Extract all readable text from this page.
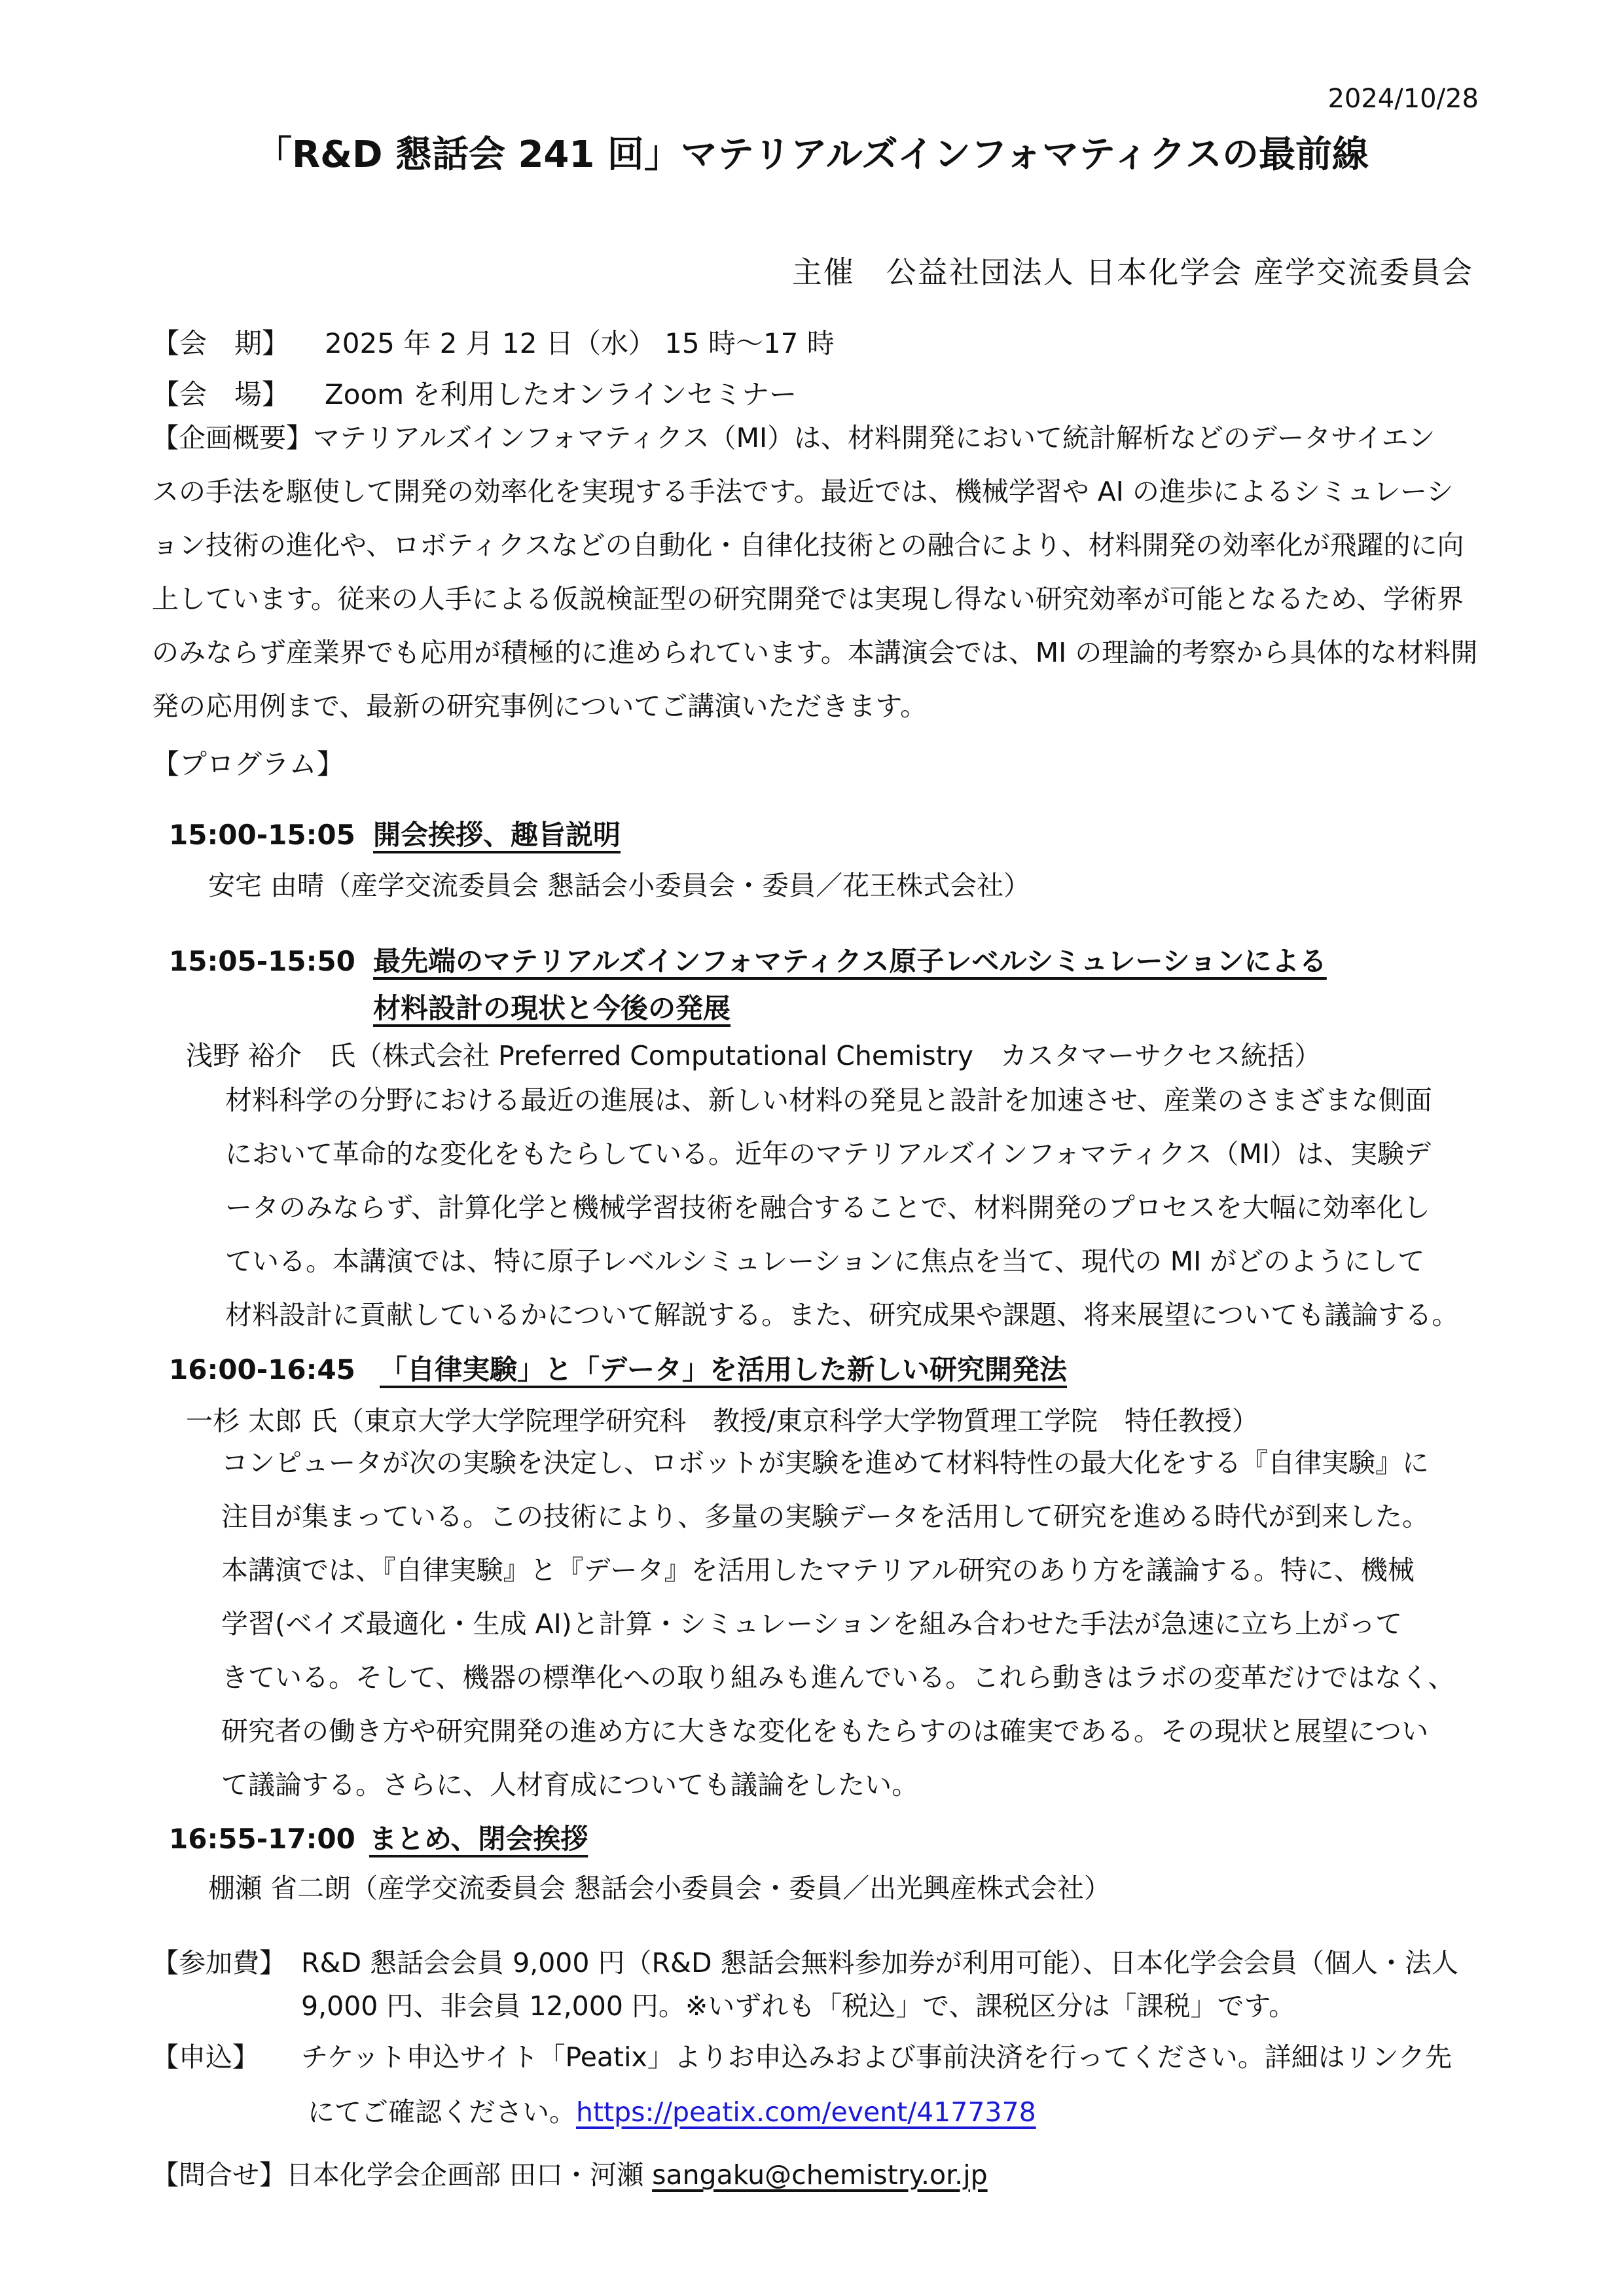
2024/10/28
「R&D 懇話会 241 回」マテリアルズインフォマティクスの最前線
主催　公益社団法人 日本化学会 産学交流委員会
【会　期】 2025 年 2 月 12 日（水） 15 時～17 時
【会　場】 Zoom を利用したオンラインセミナー
【企画概要】マテリアルズインフォマティクス（MI）は、材料開発において統計解析などのデータサイエン
スの手法を駆使して開発の効率化を実現する手法です。最近では、機械学習や AI の進歩によるシミュレーシ
ョン技術の進化や、ロボティクスなどの自動化・自律化技術との融合により、材料開発の効率化が飛躍的に向
上しています。従来の人手による仮説検証型の研究開発では実現し得ない研究効率が可能となるため、学術界
のみならず産業界でも応用が積極的に進められています。本講演会では、MI の理論的考察から具体的な材料開
発の応用例まで、最新の研究事例についてご講演いただきます。
【プログラム】
15:00-15:05 開会挨拶、趣旨説明
安宅 由晴（産学交流委員会 懇話会小委員会・委員／花王株式会社）
15:05-15:50 最先端のマテリアルズインフォマティクス原子レベルシミュレーションによる
材料設計の現状と今後の発展
浅野 裕介　氏（株式会社 Preferred Computational Chemistry　カスタマーサクセス統括）
材料科学の分野における最近の進展は、新しい材料の発見と設計を加速させ、産業のさまざまな側面
において革命的な変化をもたらしている。近年のマテリアルズインフォマティクス（MI）は、実験デ
ータのみならず、計算化学と機械学習技術を融合することで、材料開発のプロセスを大幅に効率化し
ている。本講演では、特に原子レベルシミュレーションに焦点を当て、現代の MI がどのようにして
材料設計に貢献しているかについて解説する。また、研究成果や課題、将来展望についても議論する。
16:00-16:45 「自律実験」と「データ」を活用した新しい研究開発法
一杉 太郎 氏（東京大学大学院理学研究科　教授/東京科学大学物質理工学院　特任教授）
コンピュータが次の実験を決定し、ロボットが実験を進めて材料特性の最大化をする『自律実験』に
注目が集まっている。この技術により、多量の実験データを活用して研究を進める時代が到来した。
本講演では、『自律実験』と『データ』を活用したマテリアル研究のあり方を議論する。特に、機械
学習(ベイズ最適化・生成 AI)と計算・シミュレーションを組み合わせた手法が急速に立ち上がって
きている。そして、機器の標準化への取り組みも進んでいる。これら動きはラボの変革だけではなく、
研究者の働き方や研究開発の進め方に大きな変化をもたらすのは確実である。その現状と展望につい
て議論する。さらに、人材育成についても議論をしたい。
16:55-17:00 まとめ、閉会挨拶
棚瀬 省二朗（産学交流委員会 懇話会小委員会・委員／出光興産株式会社）
【参加費】 R&D 懇話会会員 9,000 円（R&D 懇話会無料参加券が利用可能）、日本化学会会員（個人・法人
9,000 円、非会員 12,000 円。※いずれも「税込」で、課税区分は「課税」です。
【申込】 チケット申込サイト「Peatix」よりお申込みおよび事前決済を行ってください。詳細はリンク先
にてご確認ください。https://peatix.com/event/4177378
【問合せ】日本化学会企画部 田口・河瀬 sangaku@chemistry.or.jp
